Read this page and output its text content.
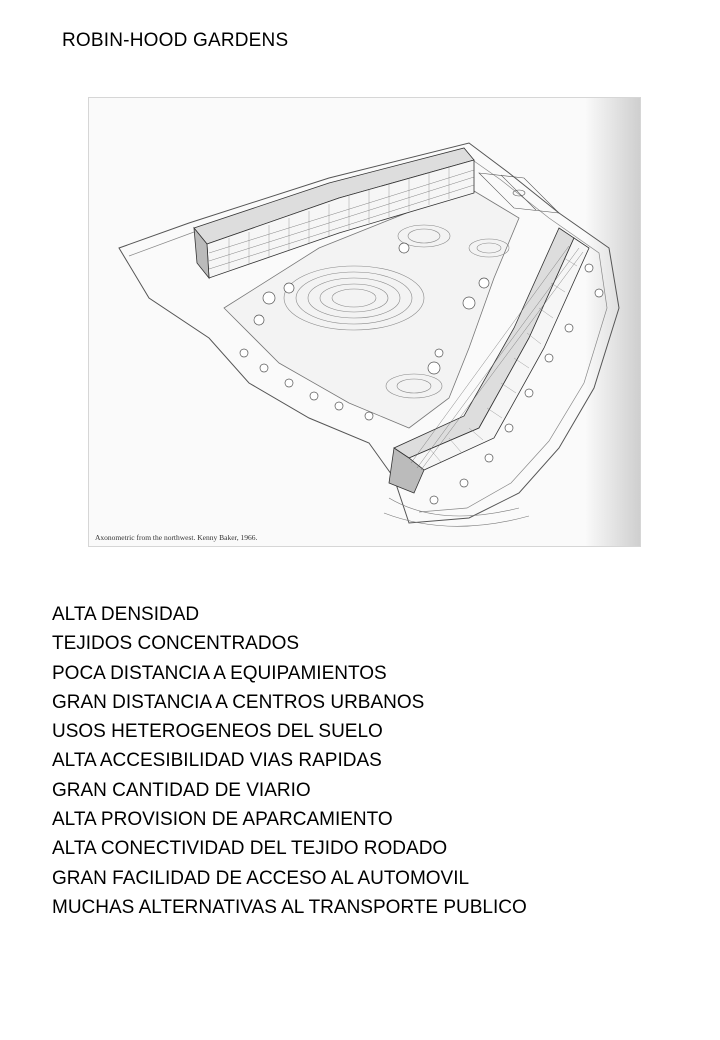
ROBIN-HOOD GARDENS
Axonometric from the northwest. Kenny Baker, 1966.
ALTA DENSIDAD
TEJIDOS CONCENTRADOS
POCA DISTANCIA A EQUIPAMIENTOS
GRAN DISTANCIA A CENTROS URBANOS
USOS HETEROGENEOS DEL SUELO
ALTA ACCESIBILIDAD VIAS RAPIDAS
GRAN CANTIDAD DE VIARIO
ALTA PROVISION DE APARCAMIENTO
ALTA CONECTIVIDAD DEL TEJIDO RODADO
GRAN FACILIDAD DE ACCESO AL AUTOMOVIL
MUCHAS ALTERNATIVAS AL TRANSPORTE PUBLICO
